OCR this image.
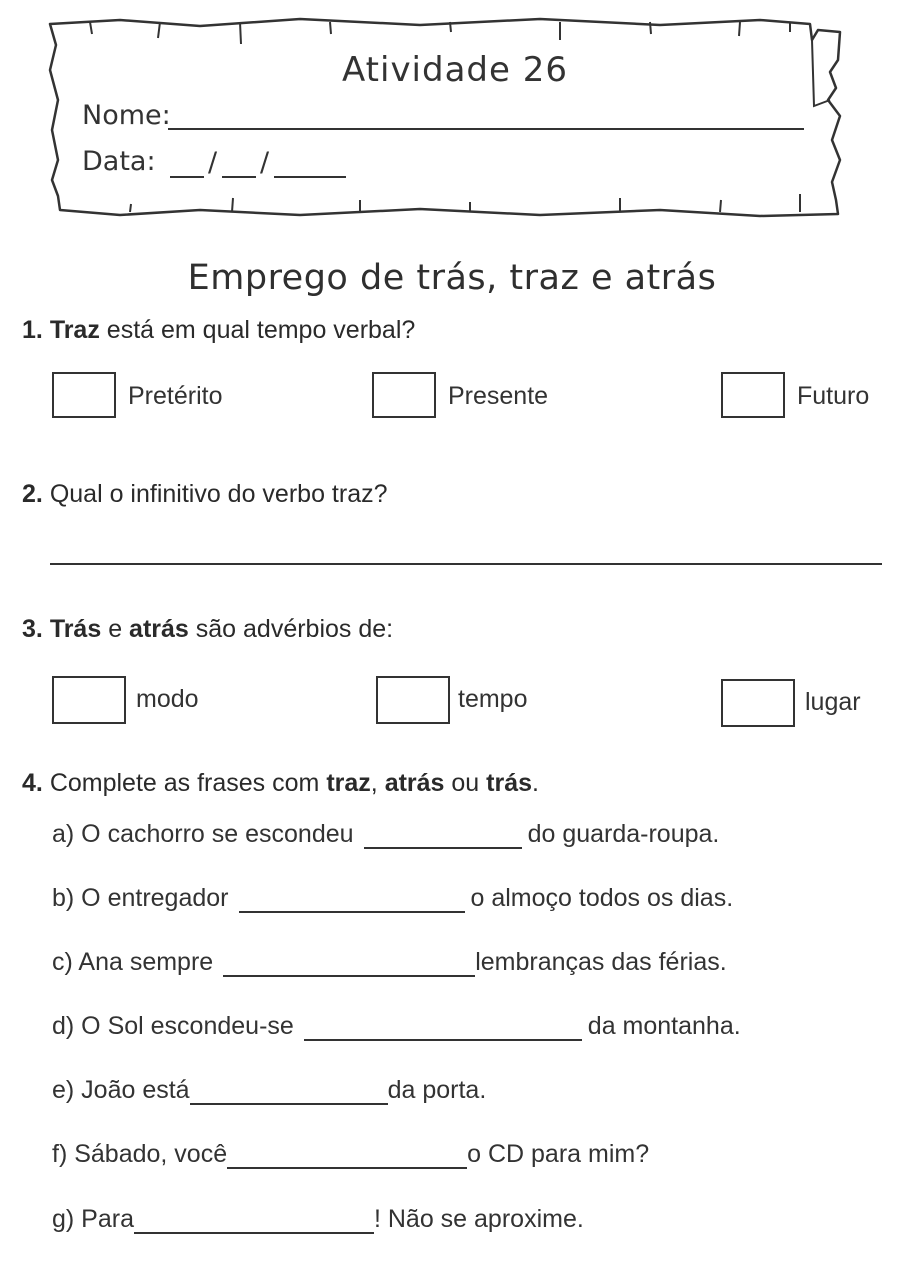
Atividade 26
Nome:
Data: / /
Emprego de trás, traz e atrás
1. Traz está em qual tempo verbal?
Pretérito	Presente	Futuro
2. Qual o infinitivo do verbo traz?
3. Trás e atrás são advérbios de:
modo	tempo	lugar
4. Complete as frases com traz, atrás ou trás.
a) O cachorro se escondeu	do guarda-roupa.
b) O entregador	o almoço todos os dias.
c) Ana sempre	lembranças das férias.
d) O Sol escondeu-se	da montanha.
e) João está	da porta.
f) Sábado, você	o CD para mim?
g) Para	! Não se aproxime.
